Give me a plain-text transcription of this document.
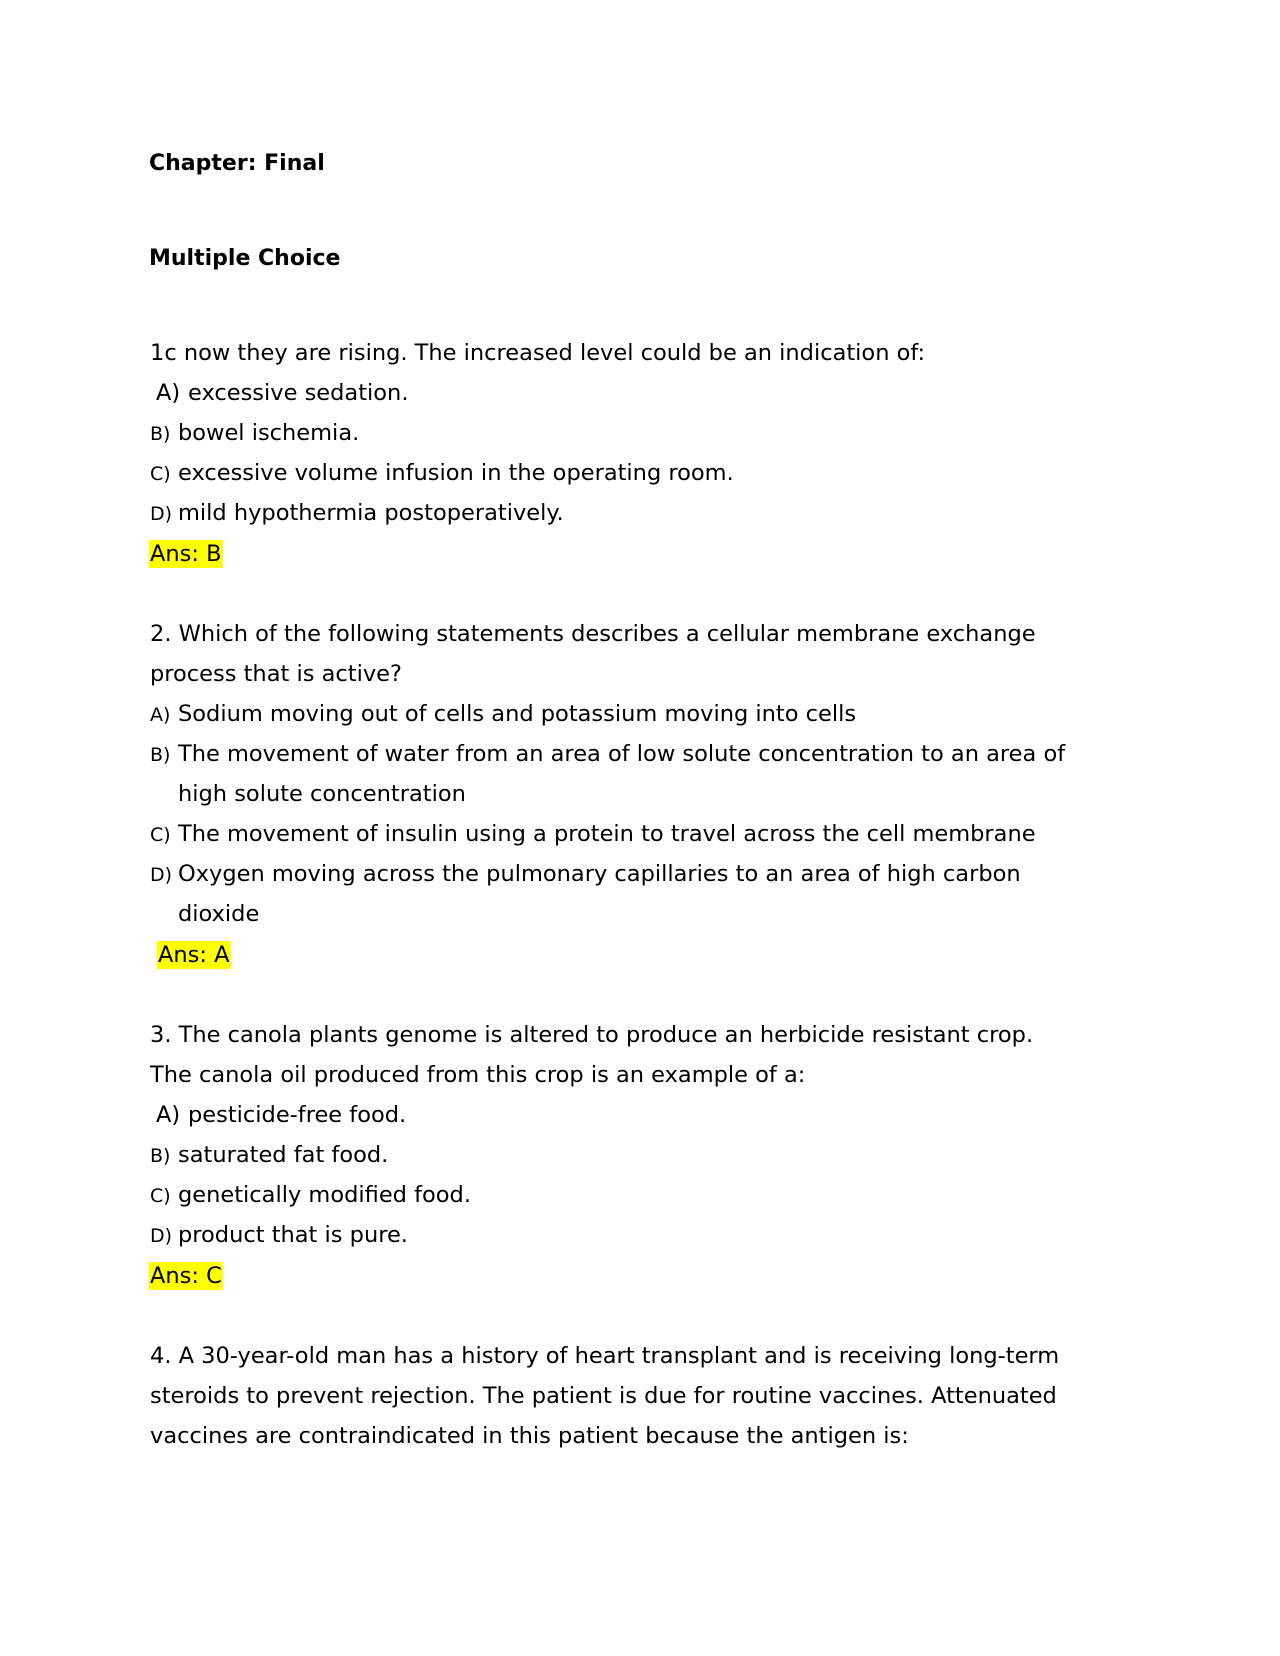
Chapter: Final

Multiple Choice

1c now they are rising. The increased level could be an indication of:

A) excessive sedation.

B) bowel ischemia.

C) excessive volume infusion in the operating room.

D) mild hypothermia postoperatively.

Ans: B

2. Which of the following statements describes a cellular membrane exchange

process that is active?

A) Sodium moving out of cells and potassium moving into cells

B) The movement of water from an area of low solute concentration to an area of

high solute concentration

C) The movement of insulin using a protein to travel across the cell membrane

D) Oxygen moving across the pulmonary capillaries to an area of high carbon

dioxide

Ans: A

3. The canola plants genome is altered to produce an herbicide resistant crop.

The canola oil produced from this crop is an example of a:

A) pesticide-free food.

B) saturated fat food.

C) genetically modified food.

D) product that is pure.

Ans: C

4. A 30-year-old man has a history of heart transplant and is receiving long-term

steroids to prevent rejection. The patient is due for routine vaccines. Attenuated

vaccines are contraindicated in this patient because the antigen is:
